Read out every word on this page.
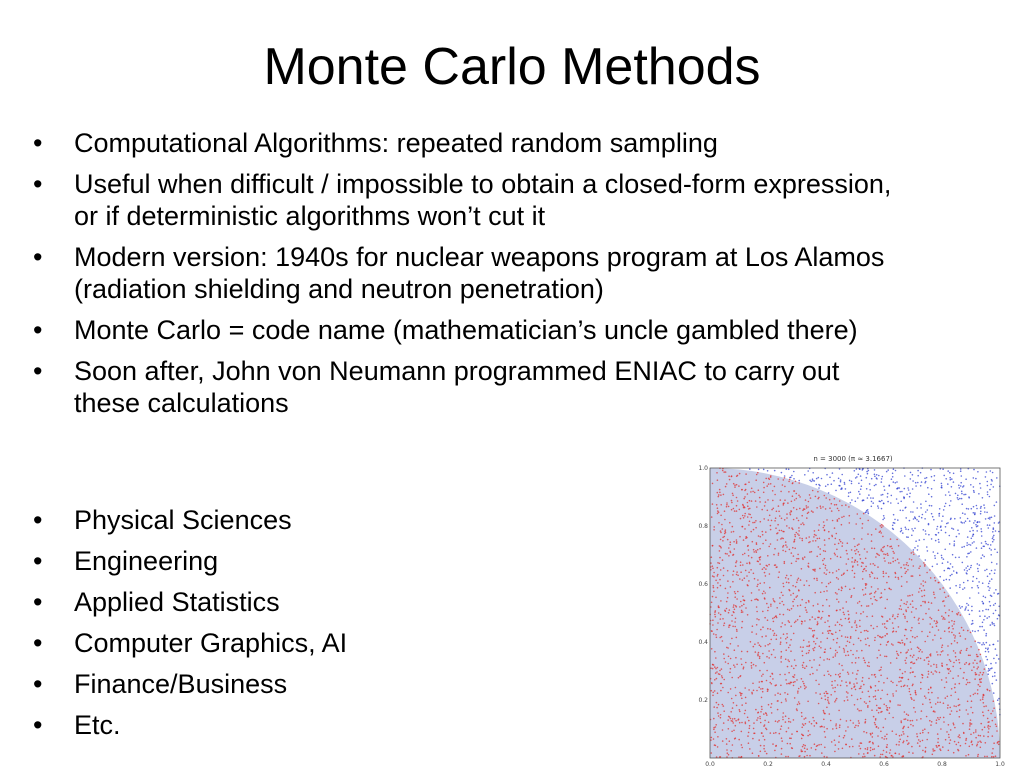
Monte Carlo Methods
• Computational Algorithms: repeated random sampling
• Useful when difficult / impossible to obtain a closed-form expression, or if deterministic algorithms won’t cut it
• Modern version: 1940s for nuclear weapons program at Los Alamos (radiation shielding and neutron penetration)
• Monte Carlo = code name (mathematician’s uncle gambled there)
• Soon after, John von Neumann programmed ENIAC to carry out these calculations
• Physical Sciences
• Engineering
• Applied Statistics
• Computer Graphics, AI
• Finance/Business
• Etc.
n = 3000 (π ≈ 3.1667)
0.0	0.2	0.4	0.6	0.8	1.0
0.2
0.4
0.6
0.8
1.0
